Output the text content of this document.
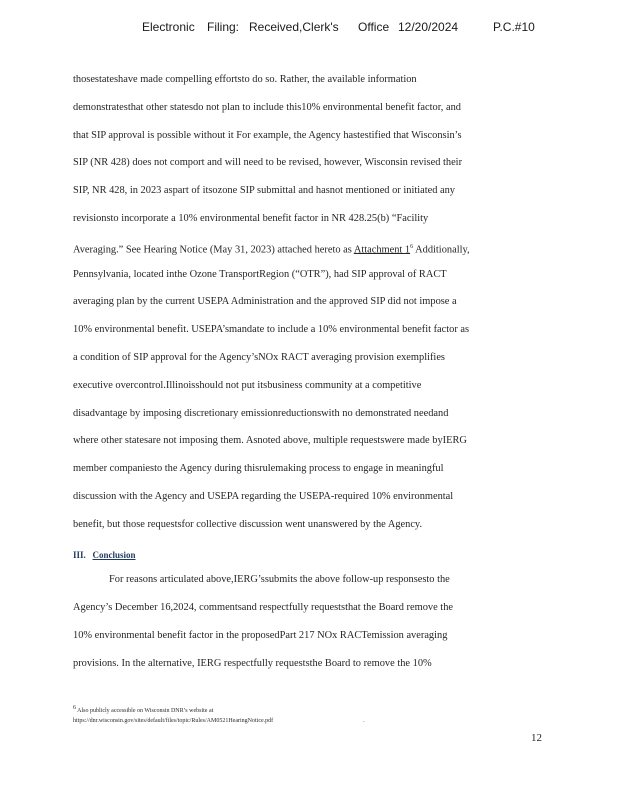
Electronic Filing: Received,Clerk's Office 12/20/2024	P.C.#10
thosestateshave made compelling effortsto do so. Rather, the available information
demonstratesthat other statesdo not plan to include this10% environmental benefit factor, and
that SIP approval is possible without it For example, the Agency hastestified that Wisconsin’s
SIP (NR 428) does not comport and will need to be revised, however, Wisconsin revised their
SIP, NR 428, in 2023 aspart of itsozone SIP submittal and hasnot mentioned or initiated any
revisionsto incorporate a 10% environmental benefit factor in NR 428.25(b) “Facility
Averaging.” See Hearing Notice (May 31, 2023) attached hereto as Attachment $1^6$ Additionally,
Pennsylvania, located inthe Ozone TransportRegion (“OTR”), had SIP approval of RACT
averaging plan by the current USEPA Administration and the approved SIP did not impose a
10% environmental benefit. USEPA’smandate to include a 10% environmental benefit factor as
a condition of SIP approval for the Agency’sNOx RACT averaging provision exemplifies
executive overcontrol.Illinoisshould not put itsbusiness community at a competitive
disadvantage by imposing discretionary emissionreductionswith no demonstrated needand
where other statesare not imposing them. Asnoted above, multiple requestswere made byIERG
member companiesto the Agency during thisrulemaking process to engage in meaningful
discussion with the Agency and USEPA regarding the USEPA-required 10% environmental
benefit, but those requestsfor collective discussion went unanswered by the Agency.
III. Conclusion
For reasons articulated above,IERG’ssubmits the above follow-up responsesto the
Agency’s December 16,2024, commentsand respectfully requeststhat the Board remove the
10% environmental benefit factor in the proposedPart 217 NOx RACTemission averaging
provisions. In the alternative, IERG respectfully requeststhe Board to remove the 10%
$^6$ Also publicly accessible on Wisconsin DNR’s website at
https://dnr.wisconsin.gov/sites/default/files/topic/Rules/AM0521HearingNotice.pdf	.
12
